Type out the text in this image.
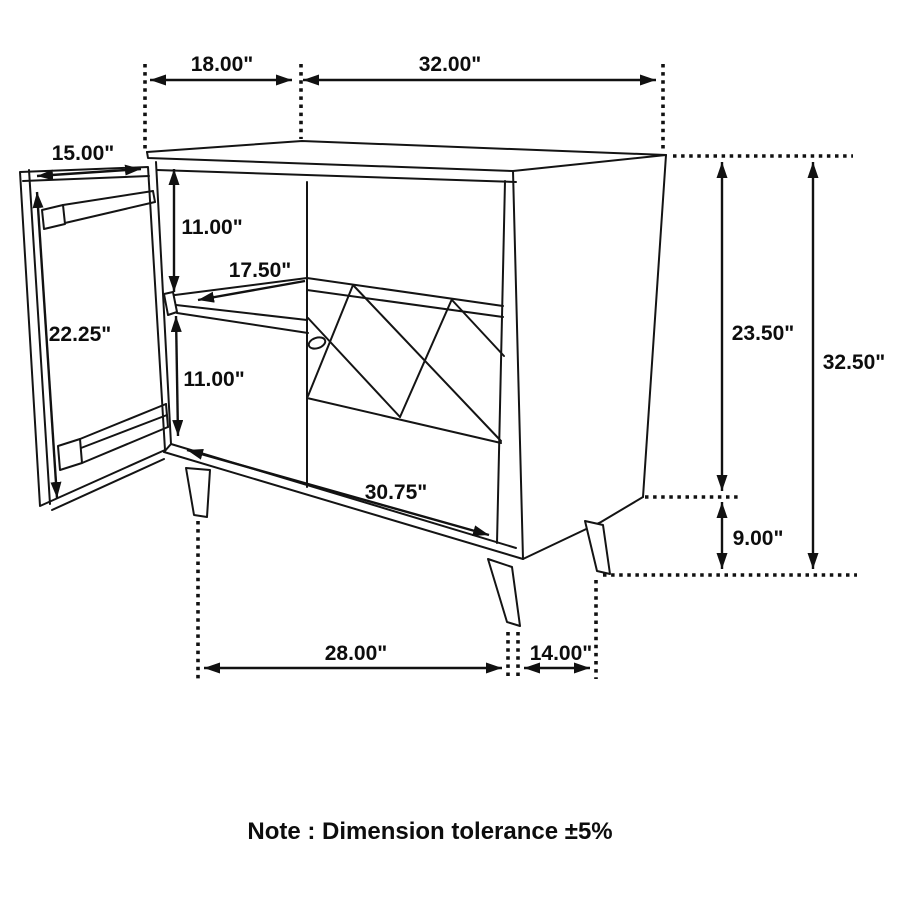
18.00"	32.00"
15.00"
22.25"
11.00"
17.50"
11.00"
30.75"
23.50"
32.50"
9.00"
28.00"	14.00"
Note : Dimension tolerance ±5%
